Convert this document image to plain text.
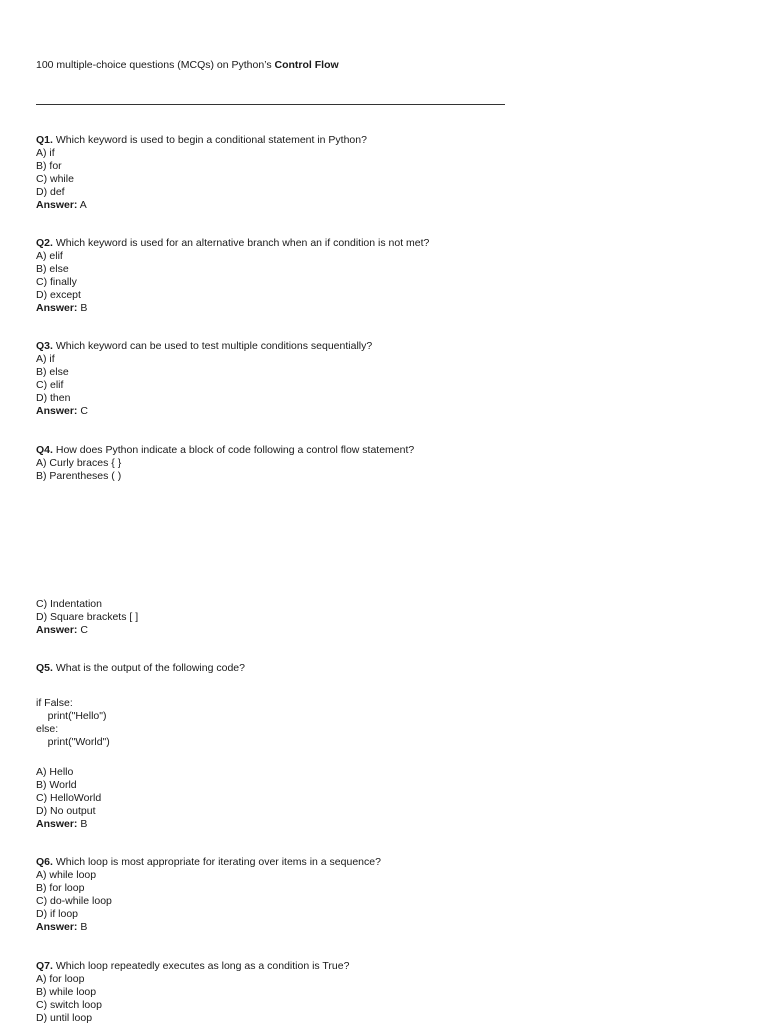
100 multiple-choice questions (MCQs) on Python’s Control Flow
Q1. Which keyword is used to begin a conditional statement in Python?
A) if
B) for
C) while
D) def
Answer: A
Q2. Which keyword is used for an alternative branch when an if condition is not met?
A) elif
B) else
C) finally
D) except
Answer: B
Q3. Which keyword can be used to test multiple conditions sequentially?
A) if
B) else
C) elif
D) then
Answer: C
Q4. How does Python indicate a block of code following a control flow statement?
A) Curly braces { }
B) Parentheses ( )
C) Indentation
D) Square brackets [ ]
Answer: C
Q5. What is the output of the following code?
if False:
print("Hello")
else:
print("World")
A) Hello
B) World
C) HelloWorld
D) No output
Answer: B
Q6. Which loop is most appropriate for iterating over items in a sequence?
A) while loop
B) for loop
C) do-while loop
D) if loop
Answer: B
Q7. Which loop repeatedly executes as long as a condition is True?
A) for loop
B) while loop
C) switch loop
D) until loop
